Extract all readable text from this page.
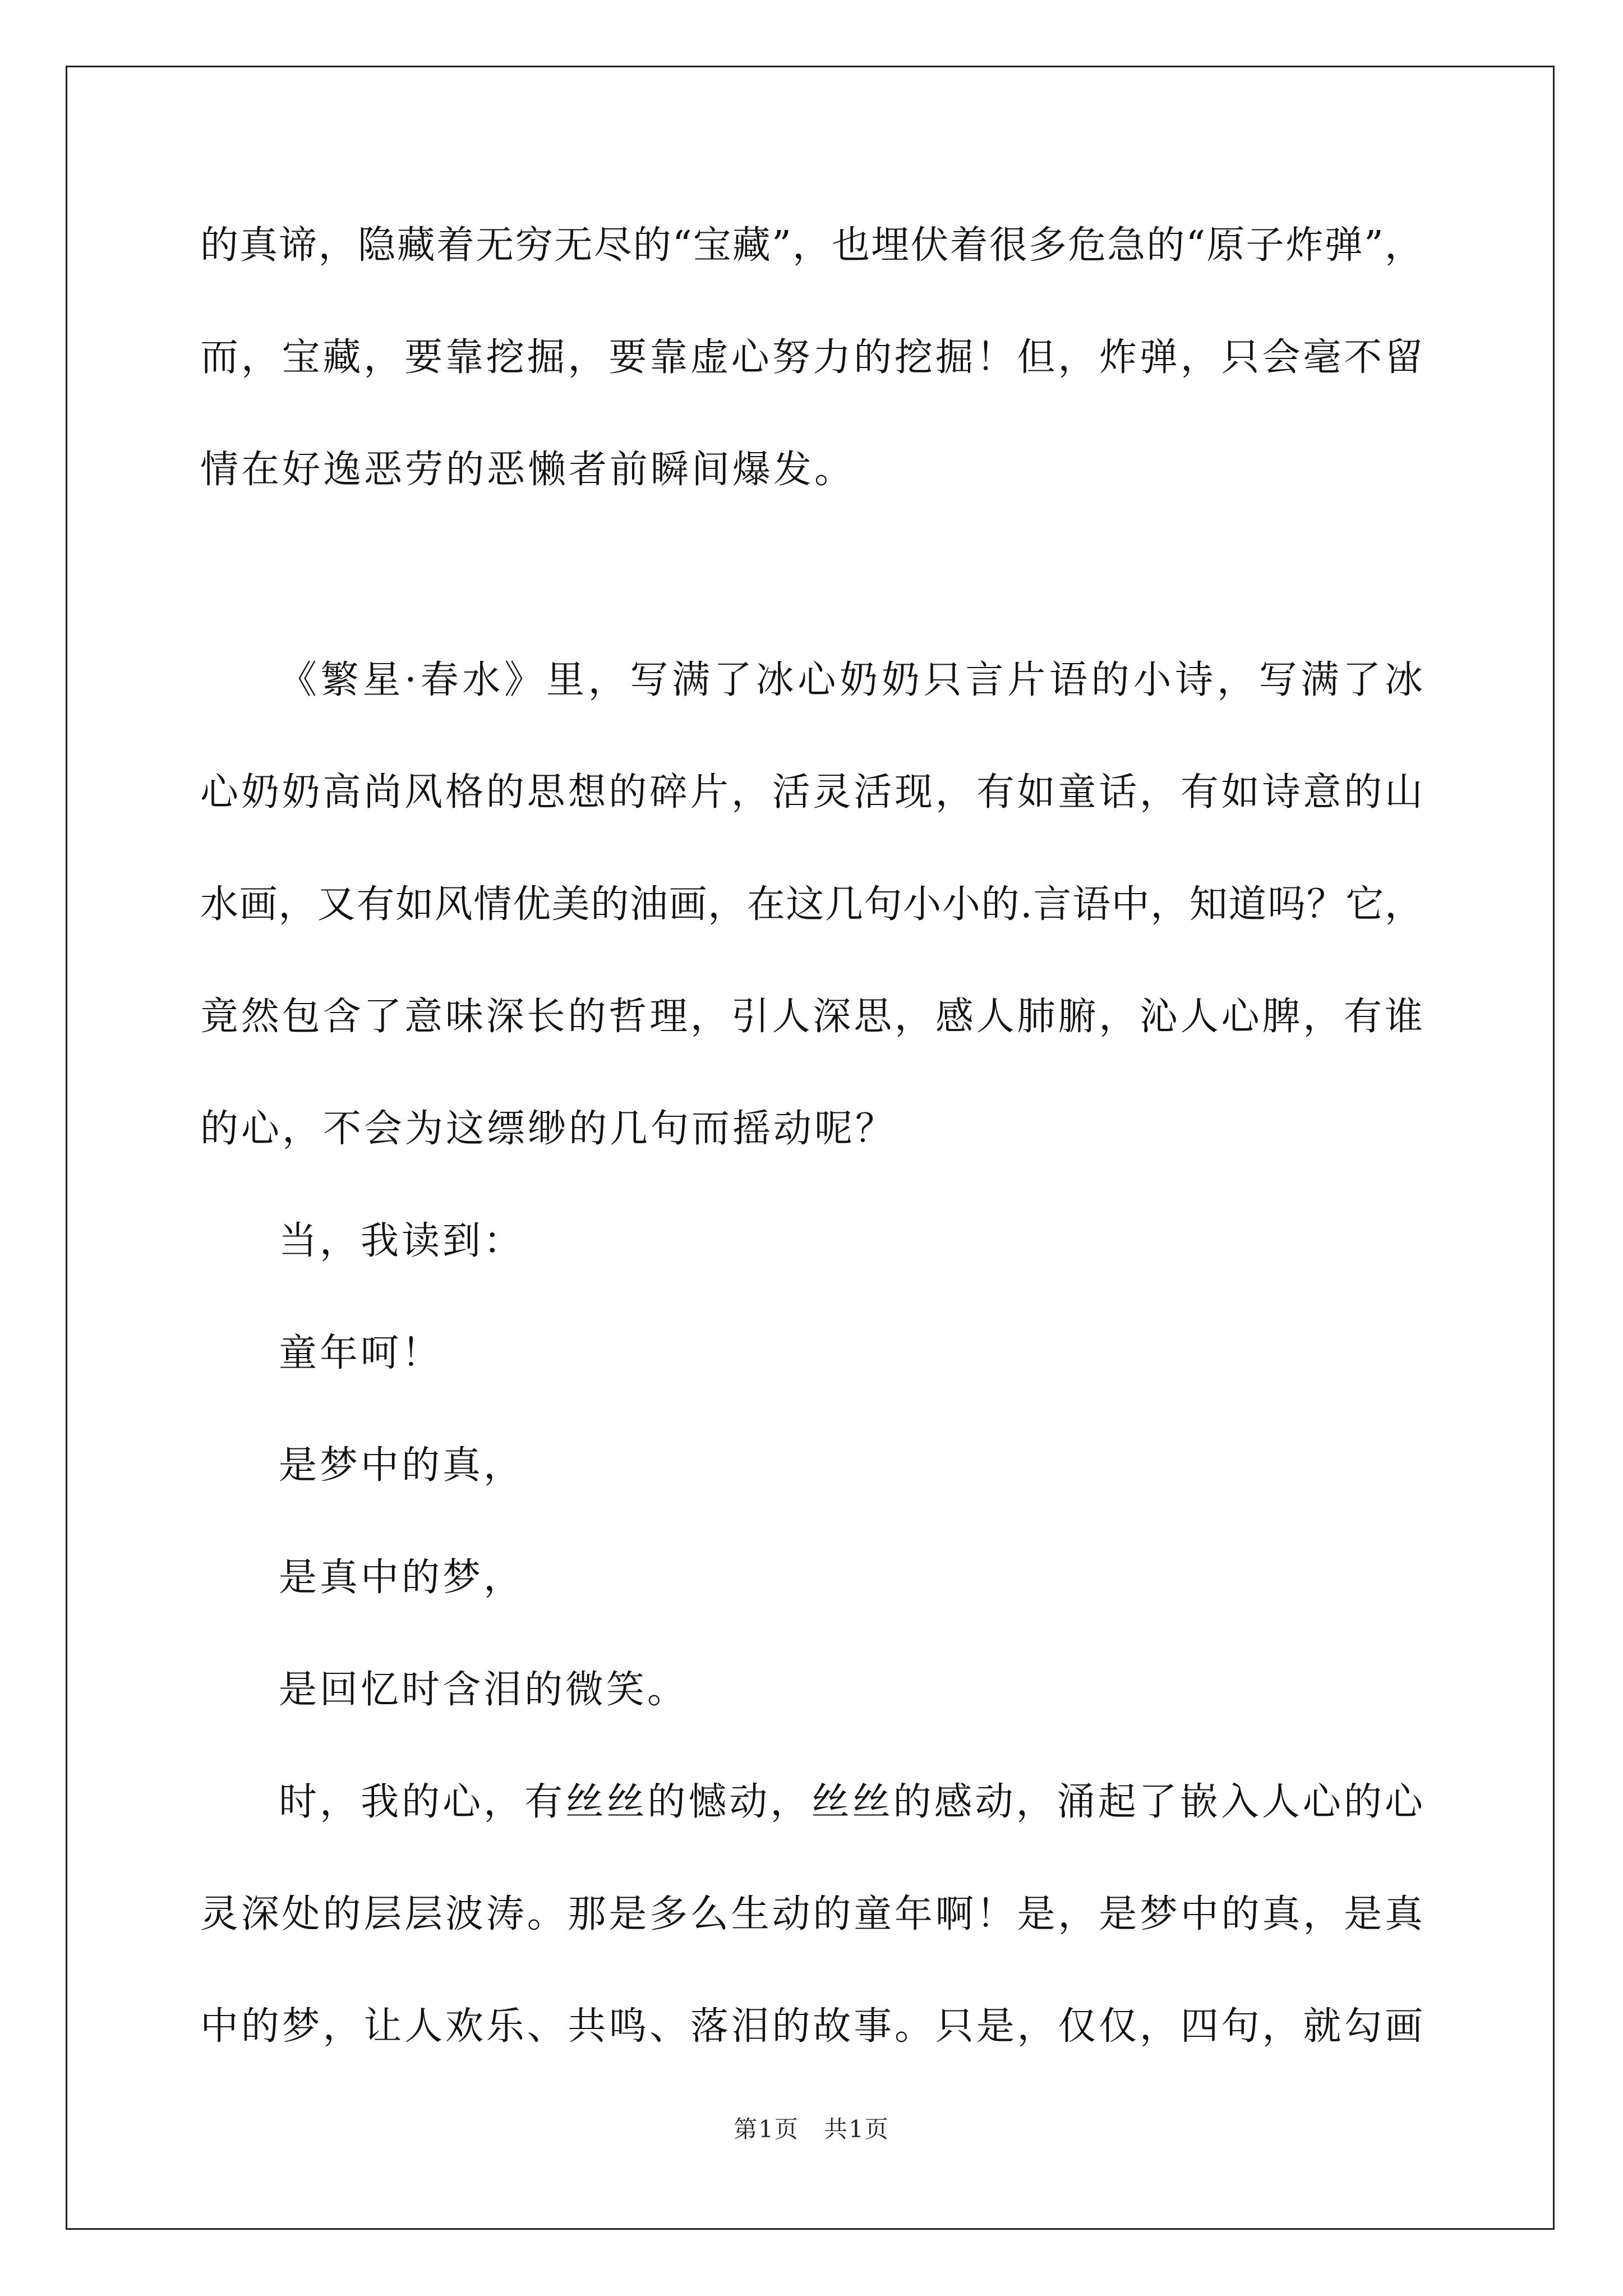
的真谛，隐藏着无穷无尽的“宝藏”，也埋伏着很多危急的“原子炸弹”，
而，宝藏，要靠挖掘，要靠虚心努力的挖掘！但，炸弹，只会毫不留
情在好逸恶劳的恶懒者前瞬间爆发。
《繁星·春水》里，写满了冰心奶奶只言片语的小诗，写满了冰
心奶奶高尚风格的思想的碎片，活灵活现，有如童话，有如诗意的山
水画，又有如风情优美的油画，在这几句小小的.言语中，知道吗？它，
竟然包含了意味深长的哲理，引人深思，感人肺腑，沁人心脾，有谁
的心，不会为这缥缈的几句而摇动呢？
当，我读到：
童年呵！
是梦中的真，
是真中的梦，
是回忆时含泪的微笑。
时，我的心，有丝丝的憾动，丝丝的感动，涌起了嵌入人心的心
灵深处的层层波涛。那是多么生动的童年啊！是，是梦中的真，是真
中的梦，让人欢乐、共鸣、落泪的故事。只是，仅仅，四句，就勾画
第1页　共1页
